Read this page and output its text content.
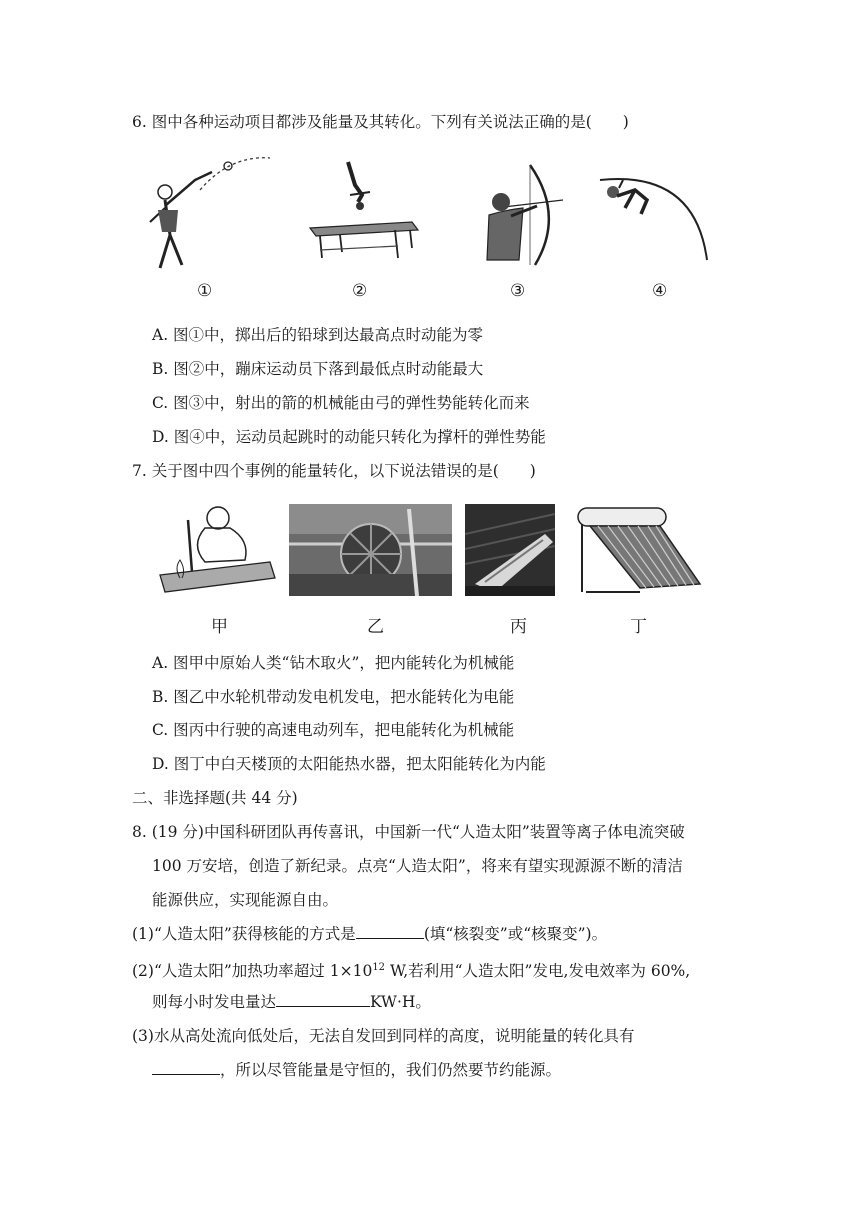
6. 图中各种运动项目都涉及能量及其转化。下列有关说法正确的是(　　)
①	②	③	④
A. 图①中，掷出后的铅球到达最高点时动能为零
B. 图②中，蹦床运动员下落到最低点时动能最大
C. 图③中，射出的箭的机械能由弓的弹性势能转化而来
D. 图④中，运动员起跳时的动能只转化为撑杆的弹性势能
7. 关于图中四个事例的能量转化，以下说法错误的是(　　)
甲	乙	丙	丁
A. 图甲中原始人类“钻木取火”，把内能转化为机械能
B. 图乙中水轮机带动发电机发电，把水能转化为电能
C. 图丙中行驶的高速电动列车，把电能转化为机械能
D. 图丁中白天楼顶的太阳能热水器，把太阳能转化为内能
二、非选择题(共 44 分)
8. (19 分)中国科研团队再传喜讯，中国新一代“人造太阳”装置等离子体电流突破
100 万安培，创造了新纪录。点亮“人造太阳”，将来有望实现源源不断的清洁
能源供应，实现能源自由。
(1)“人造太阳”获得核能的方式是	(填“核裂变”或“核聚变”)。
(2)“人造太阳”加热功率超过 $1\times 10^{12}$ W,若利用“人造太阳”发电,发电效率为 60%,
则每小时发电量达	KW·H。
(3)水从高处流向低处后，无法自发回到同样的高度，说明能量的转化具有
，所以尽管能量是守恒的，我们仍然要节约能源。
